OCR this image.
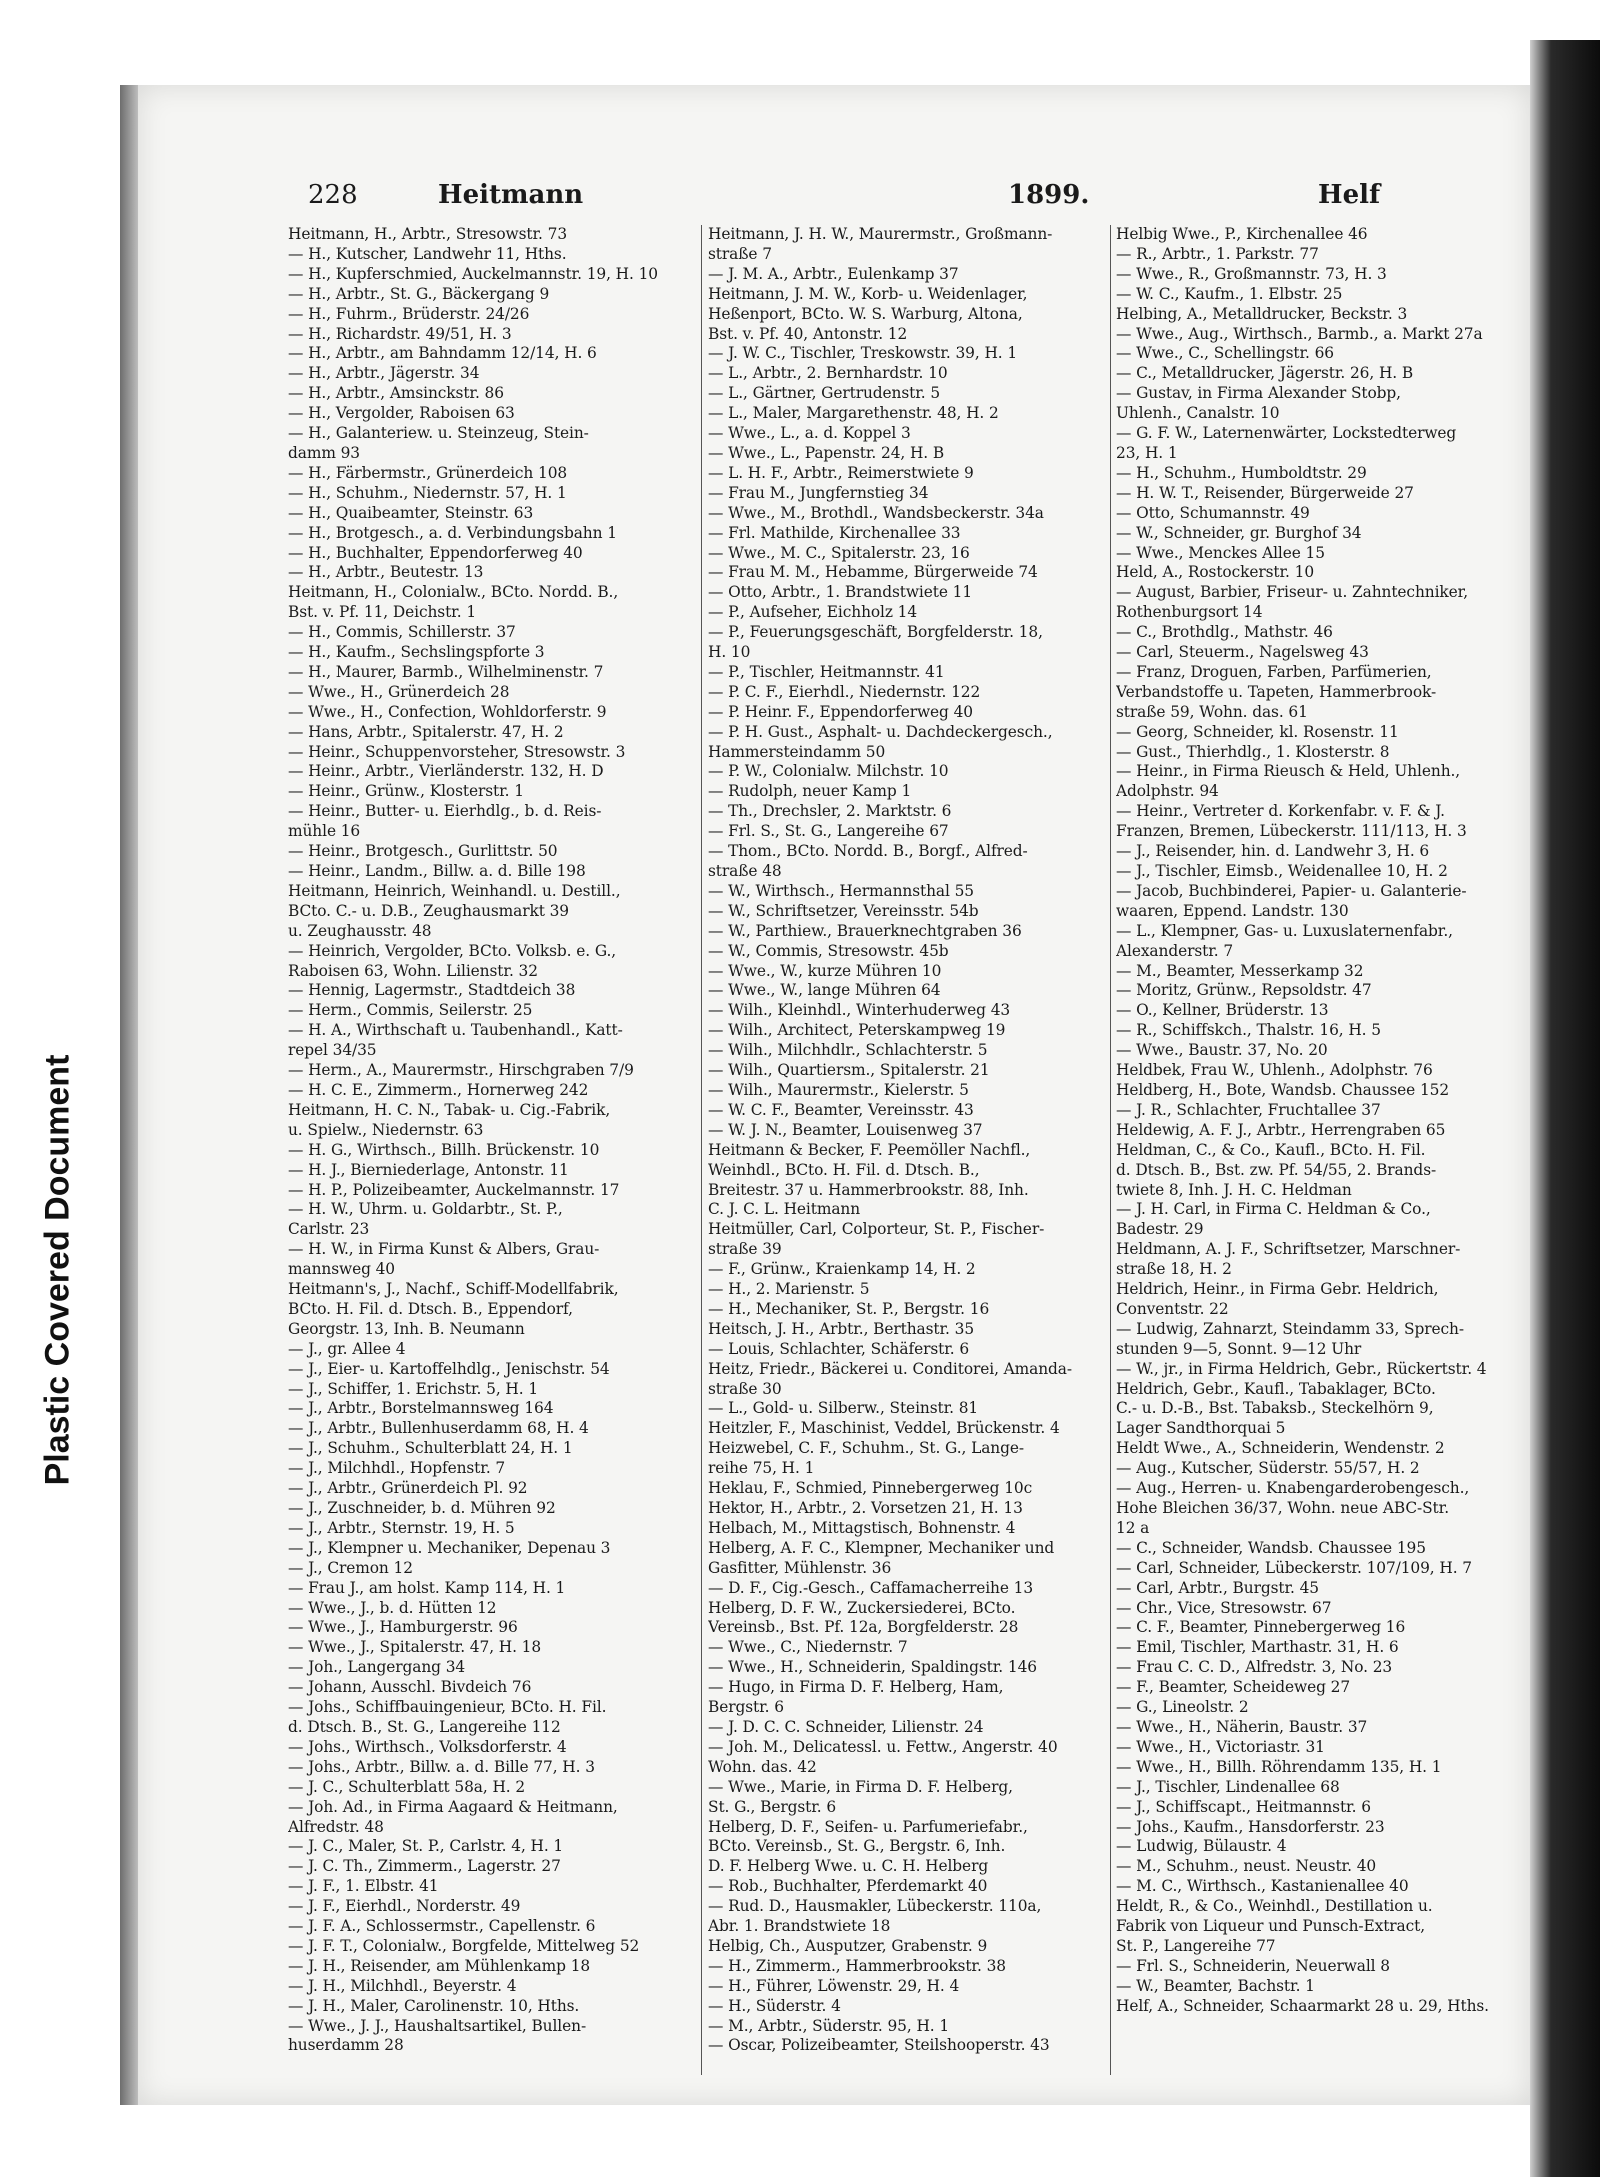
Plastic Covered Document
228	Heitmann	1899.	Helf
Heitmann, H., Arbtr., Stresowstr. 73
— H., Kutscher, Landwehr 11, Hths.
— H., Kupferschmied, Auckelmannstr. 19, H. 10
— H., Arbtr., St. G., Bäckergang 9
— H., Fuhrm., Brüderstr. 24/26
— H., Richardstr. 49/51, H. 3
— H., Arbtr., am Bahndamm 12/14, H. 6
— H., Arbtr., Jägerstr. 34
— H., Arbtr., Amsinckstr. 86
— H., Vergolder, Raboisen 63
— H., Galanteriew. u. Steinzeug, Stein-
damm 93
— H., Färbermstr., Grünerdeich 108
— H., Schuhm., Niedernstr. 57, H. 1
— H., Quaibeamter, Steinstr. 63
— H., Brotgesch., a. d. Verbindungsbahn 1
— H., Buchhalter, Eppendorferweg 40
— H., Arbtr., Beutestr. 13
Heitmann, H., Colonialw., BCto. Nordd. B.,
Bst. v. Pf. 11, Deichstr. 1
— H., Commis, Schillerstr. 37
— H., Kaufm., Sechslingspforte 3
— H., Maurer, Barmb., Wilhelminenstr. 7
— Wwe., H., Grünerdeich 28
— Wwe., H., Confection, Wohldorferstr. 9
— Hans, Arbtr., Spitalerstr. 47, H. 2
— Heinr., Schuppenvorsteher, Stresowstr. 3
— Heinr., Arbtr., Vierländerstr. 132, H. D
— Heinr., Grünw., Klosterstr. 1
— Heinr., Butter- u. Eierhdlg., b. d. Reis-
mühle 16
— Heinr., Brotgesch., Gurlittstr. 50
— Heinr., Landm., Billw. a. d. Bille 198
Heitmann, Heinrich, Weinhandl. u. Destill.,
BCto. C.- u. D.B., Zeughausmarkt 39
u. Zeughausstr. 48
— Heinrich, Vergolder, BCto. Volksb. e. G.,
Raboisen 63, Wohn. Lilienstr. 32
— Hennig, Lagermstr., Stadtdeich 38
— Herm., Commis, Seilerstr. 25
— H. A., Wirthschaft u. Taubenhandl., Katt-
repel 34/35
— Herm., A., Maurermstr., Hirschgraben 7/9
— H. C. E., Zimmerm., Hornerweg 242
Heitmann, H. C. N., Tabak- u. Cig.-Fabrik,
u. Spielw., Niedernstr. 63
— H. G., Wirthsch., Billh. Brückenstr. 10
— H. J., Bierniederlage, Antonstr. 11
— H. P., Polizeibeamter, Auckelmannstr. 17
— H. W., Uhrm. u. Goldarbtr., St. P.,
Carlstr. 23
— H. W., in Firma Kunst & Albers, Grau-
mannsweg 40
Heitmann's, J., Nachf., Schiff-Modellfabrik,
BCto. H. Fil. d. Dtsch. B., Eppendorf,
Georgstr. 13, Inh. B. Neumann
— J., gr. Allee 4
— J., Eier- u. Kartoffelhdlg., Jenischstr. 54
— J., Schiffer, 1. Erichstr. 5, H. 1
— J., Arbtr., Borstelmannsweg 164
— J., Arbtr., Bullenhuserdamm 68, H. 4
— J., Schuhm., Schulterblatt 24, H. 1
— J., Milchhdl., Hopfenstr. 7
— J., Arbtr., Grünerdeich Pl. 92
— J., Zuschneider, b. d. Mühren 92
— J., Arbtr., Sternstr. 19, H. 5
— J., Klempner u. Mechaniker, Depenau 3
— J., Cremon 12
— Frau J., am holst. Kamp 114, H. 1
— Wwe., J., b. d. Hütten 12
— Wwe., J., Hamburgerstr. 96
— Wwe., J., Spitalerstr. 47, H. 18
— Joh., Langergang 34
— Johann, Ausschl. Bivdeich 76
— Johs., Schiffbauingenieur, BCto. H. Fil.
d. Dtsch. B., St. G., Langereihe 112
— Johs., Wirthsch., Volksdorferstr. 4
— Johs., Arbtr., Billw. a. d. Bille 77, H. 3
— J. C., Schulterblatt 58a, H. 2
— Joh. Ad., in Firma Aagaard & Heitmann,
Alfredstr. 48
— J. C., Maler, St. P., Carlstr. 4, H. 1
— J. C. Th., Zimmerm., Lagerstr. 27
— J. F., 1. Elbstr. 41
— J. F., Eierhdl., Norderstr. 49
— J. F. A., Schlossermstr., Capellenstr. 6
— J. F. T., Colonialw., Borgfelde, Mittelweg 52
— J. H., Reisender, am Mühlenkamp 18
— J. H., Milchhdl., Beyerstr. 4
— J. H., Maler, Carolinenstr. 10, Hths.
— Wwe., J. J., Haushaltsartikel, Bullen-
huserdamm 28
Heitmann, J. H. W., Maurermstr., Großmann-
straße 7
— J. M. A., Arbtr., Eulenkamp 37
Heitmann, J. M. W., Korb- u. Weidenlager,
Heßenport, BCto. W. S. Warburg, Altona,
Bst. v. Pf. 40, Antonstr. 12
— J. W. C., Tischler, Treskowstr. 39, H. 1
— L., Arbtr., 2. Bernhardstr. 10
— L., Gärtner, Gertrudenstr. 5
— L., Maler, Margarethenstr. 48, H. 2
— Wwe., L., a. d. Koppel 3
— Wwe., L., Papenstr. 24, H. B
— L. H. F., Arbtr., Reimerstwiete 9
— Frau M., Jungfernstieg 34
— Wwe., M., Brothdl., Wandsbeckerstr. 34a
— Frl. Mathilde, Kirchenallee 33
— Wwe., M. C., Spitalerstr. 23, 16
— Frau M. M., Hebamme, Bürgerweide 74
— Otto, Arbtr., 1. Brandstwiete 11
— P., Aufseher, Eichholz 14
— P., Feuerungsgeschäft, Borgfelderstr. 18,
H. 10
— P., Tischler, Heitmannstr. 41
— P. C. F., Eierhdl., Niedernstr. 122
— P. Heinr. F., Eppendorferweg 40
— P. H. Gust., Asphalt- u. Dachdeckergesch.,
Hammersteindamm 50
— P. W., Colonialw. Milchstr. 10
— Rudolph, neuer Kamp 1
— Th., Drechsler, 2. Marktstr. 6
— Frl. S., St. G., Langereihe 67
— Thom., BCto. Nordd. B., Borgf., Alfred-
straße 48
— W., Wirthsch., Hermannsthal 55
— W., Schriftsetzer, Vereinsstr. 54b
— W., Parthiew., Brauerknechtgraben 36
— W., Commis, Stresowstr. 45b
— Wwe., W., kurze Mühren 10
— Wwe., W., lange Mühren 64
— Wilh., Kleinhdl., Winterhuderweg 43
— Wilh., Architect, Peterskampweg 19
— Wilh., Milchhdlr., Schlachterstr. 5
— Wilh., Quartiersm., Spitalerstr. 21
— Wilh., Maurermstr., Kielerstr. 5
— W. C. F., Beamter, Vereinsstr. 43
— W. J. N., Beamter, Louisenweg 37
Heitmann & Becker, F. Peemöller Nachfl.,
Weinhdl., BCto. H. Fil. d. Dtsch. B.,
Breitestr. 37 u. Hammerbrookstr. 88, Inh.
C. J. C. L. Heitmann
Heitmüller, Carl, Colporteur, St. P., Fischer-
straße 39
— F., Grünw., Kraienkamp 14, H. 2
— H., 2. Marienstr. 5
— H., Mechaniker, St. P., Bergstr. 16
Heitsch, J. H., Arbtr., Berthastr. 35
— Louis, Schlachter, Schäferstr. 6
Heitz, Friedr., Bäckerei u. Conditorei, Amanda-
straße 30
— L., Gold- u. Silberw., Steinstr. 81
Heitzler, F., Maschinist, Veddel, Brückenstr. 4
Heizwebel, C. F., Schuhm., St. G., Lange-
reihe 75, H. 1
Heklau, F., Schmied, Pinnebergerweg 10c
Hektor, H., Arbtr., 2. Vorsetzen 21, H. 13
Helbach, M., Mittagstisch, Bohnenstr. 4
Helberg, A. F. C., Klempner, Mechaniker und
Gasfitter, Mühlenstr. 36
— D. F., Cig.-Gesch., Caffamacherreihe 13
Helberg, D. F. W., Zuckersiederei, BCto.
Vereinsb., Bst. Pf. 12a, Borgfelderstr. 28
— Wwe., C., Niedernstr. 7
— Wwe., H., Schneiderin, Spaldingstr. 146
— Hugo, in Firma D. F. Helberg, Ham,
Bergstr. 6
— J. D. C. C. Schneider, Lilienstr. 24
— Joh. M., Delicatessl. u. Fettw., Angerstr. 40
Wohn. das. 42
— Wwe., Marie, in Firma D. F. Helberg,
St. G., Bergstr. 6
Helberg, D. F., Seifen- u. Parfumeriefabr.,
BCto. Vereinsb., St. G., Bergstr. 6, Inh.
D. F. Helberg Wwe. u. C. H. Helberg
— Rob., Buchhalter, Pferdemarkt 40
— Rud. D., Hausmakler, Lübeckerstr. 110a,
Abr. 1. Brandstwiete 18
Helbig, Ch., Ausputzer, Grabenstr. 9
— H., Zimmerm., Hammerbrookstr. 38
— H., Führer, Löwenstr. 29, H. 4
— H., Süderstr. 4
— M., Arbtr., Süderstr. 95, H. 1
— Oscar, Polizeibeamter, Steilshooperstr. 43
Helbig Wwe., P., Kirchenallee 46
— R., Arbtr., 1. Parkstr. 77
— Wwe., R., Großmannstr. 73, H. 3
— W. C., Kaufm., 1. Elbstr. 25
Helbing, A., Metalldrucker, Beckstr. 3
— Wwe., Aug., Wirthsch., Barmb., a. Markt 27a
— Wwe., C., Schellingstr. 66
— C., Metalldrucker, Jägerstr. 26, H. B
— Gustav, in Firma Alexander Stobp,
Uhlenh., Canalstr. 10
— G. F. W., Laternenwärter, Lockstedterweg
23, H. 1
— H., Schuhm., Humboldtstr. 29
— H. W. T., Reisender, Bürgerweide 27
— Otto, Schumannstr. 49
— W., Schneider, gr. Burghof 34
— Wwe., Menckes Allee 15
Held, A., Rostockerstr. 10
— August, Barbier, Friseur- u. Zahntechniker,
Rothenburgsort 14
— C., Brothdlg., Mathstr. 46
— Carl, Steuerm., Nagelsweg 43
— Franz, Droguen, Farben, Parfümerien,
Verbandstoffe u. Tapeten, Hammerbrook-
straße 59, Wohn. das. 61
— Georg, Schneider, kl. Rosenstr. 11
— Gust., Thierhdlg., 1. Klosterstr. 8
— Heinr., in Firma Rieusch & Held, Uhlenh.,
Adolphstr. 94
— Heinr., Vertreter d. Korkenfabr. v. F. & J.
Franzen, Bremen, Lübeckerstr. 111/113, H. 3
— J., Reisender, hin. d. Landwehr 3, H. 6
— J., Tischler, Eimsb., Weidenallee 10, H. 2
— Jacob, Buchbinderei, Papier- u. Galanterie-
waaren, Eppend. Landstr. 130
— L., Klempner, Gas- u. Luxuslaternenfabr.,
Alexanderstr. 7
— M., Beamter, Messerkamp 32
— Moritz, Grünw., Repsoldstr. 47
— O., Kellner, Brüderstr. 13
— R., Schiffskch., Thalstr. 16, H. 5
— Wwe., Baustr. 37, No. 20
Heldbek, Frau W., Uhlenh., Adolphstr. 76
Heldberg, H., Bote, Wandsb. Chaussee 152
— J. R., Schlachter, Fruchtallee 37
Heldewig, A. F. J., Arbtr., Herrengraben 65
Heldman, C., & Co., Kaufl., BCto. H. Fil.
d. Dtsch. B., Bst. zw. Pf. 54/55, 2. Brands-
twiete 8, Inh. J. H. C. Heldman
— J. H. Carl, in Firma C. Heldman & Co.,
Badestr. 29
Heldmann, A. J. F., Schriftsetzer, Marschner-
straße 18, H. 2
Heldrich, Heinr., in Firma Gebr. Heldrich,
Conventstr. 22
— Ludwig, Zahnarzt, Steindamm 33, Sprech-
stunden 9—5, Sonnt. 9—12 Uhr
— W., jr., in Firma Heldrich, Gebr., Rückertstr. 4
Heldrich, Gebr., Kaufl., Tabaklager, BCto.
C.- u. D.-B., Bst. Tabaksb., Steckelhörn 9,
Lager Sandthorquai 5
Heldt Wwe., A., Schneiderin, Wendenstr. 2
— Aug., Kutscher, Süderstr. 55/57, H. 2
— Aug., Herren- u. Knabengarderobengesch.,
Hohe Bleichen 36/37, Wohn. neue ABC-Str.
12 a
— C., Schneider, Wandsb. Chaussee 195
— Carl, Schneider, Lübeckerstr. 107/109, H. 7
— Carl, Arbtr., Burgstr. 45
— Chr., Vice, Stresowstr. 67
— C. F., Beamter, Pinnebergerweg 16
— Emil, Tischler, Marthastr. 31, H. 6
— Frau C. C. D., Alfredstr. 3, No. 23
— F., Beamter, Scheideweg 27
— G., Lineolstr. 2
— Wwe., H., Näherin, Baustr. 37
— Wwe., H., Victoriastr. 31
— Wwe., H., Billh. Röhrendamm 135, H. 1
— J., Tischler, Lindenallee 68
— J., Schiffscapt., Heitmannstr. 6
— Johs., Kaufm., Hansdorferstr. 23
— Ludwig, Bülaustr. 4
— M., Schuhm., neust. Neustr. 40
— M. C., Wirthsch., Kastanienallee 40
Heldt, R., & Co., Weinhdl., Destillation u.
Fabrik von Liqueur und Punsch-Extract,
St. P., Langereihe 77
— Frl. S., Schneiderin, Neuerwall 8
— W., Beamter, Bachstr. 1
Helf, A., Schneider, Schaarmarkt 28 u. 29, Hths.
